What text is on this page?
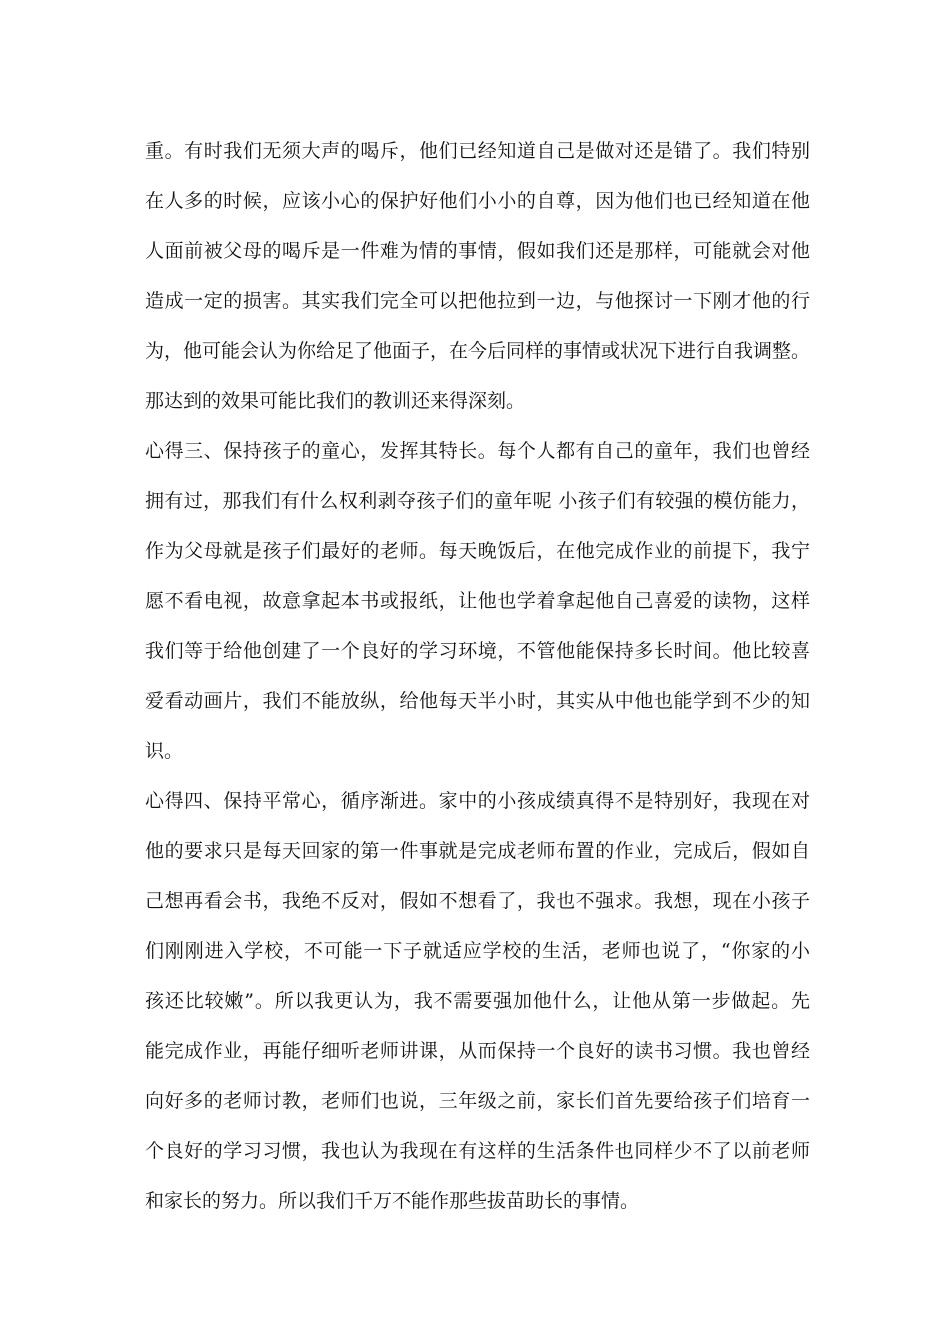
重。有时我们无须大声的喝斥，他们已经知道自己是做对还是错了。我们特别
在人多的时候，应该小心的保护好他们小小的自尊，因为他们也已经知道在他
人面前被父母的喝斥是一件难为情的事情，假如我们还是那样，可能就会对他
造成一定的损害。其实我们完全可以把他拉到一边，与他探讨一下刚才他的行
为，他可能会认为你给足了他面子，在今后同样的事情或状况下进行自我调整。
那达到的效果可能比我们的教训还来得深刻。
心得三、保持孩子的童心，发挥其特长。每个人都有自己的童年，我们也曾经
拥有过，那我们有什么权利剥夺孩子们的童年呢 小孩子们有较强的模仿能力，
作为父母就是孩子们最好的老师。每天晚饭后，在他完成作业的前提下，我宁
愿不看电视，故意拿起本书或报纸，让他也学着拿起他自己喜爱的读物，这样
我们等于给他创建了一个良好的学习环境，不管他能保持多长时间。他比较喜
爱看动画片，我们不能放纵，给他每天半小时，其实从中他也能学到不少的知
识。
心得四、保持平常心，循序渐进。家中的小孩成绩真得不是特别好，我现在对
他的要求只是每天回家的第一件事就是完成老师布置的作业，完成后，假如自
己想再看会书，我绝不反对，假如不想看了，我也不强求。我想，现在小孩子
们刚刚进入学校，不可能一下子就适应学校的生活，老师也说了，“你家的小
孩还比较嫩”。所以我更认为，我不需要强加他什么，让他从第一步做起。先
能完成作业，再能仔细听老师讲课，从而保持一个良好的读书习惯。我也曾经
向好多的老师讨教，老师们也说，三年级之前，家长们首先要给孩子们培育一
个良好的学习习惯，我也认为我现在有这样的生活条件也同样少不了以前老师
和家长的努力。所以我们千万不能作那些拔苗助长的事情。
